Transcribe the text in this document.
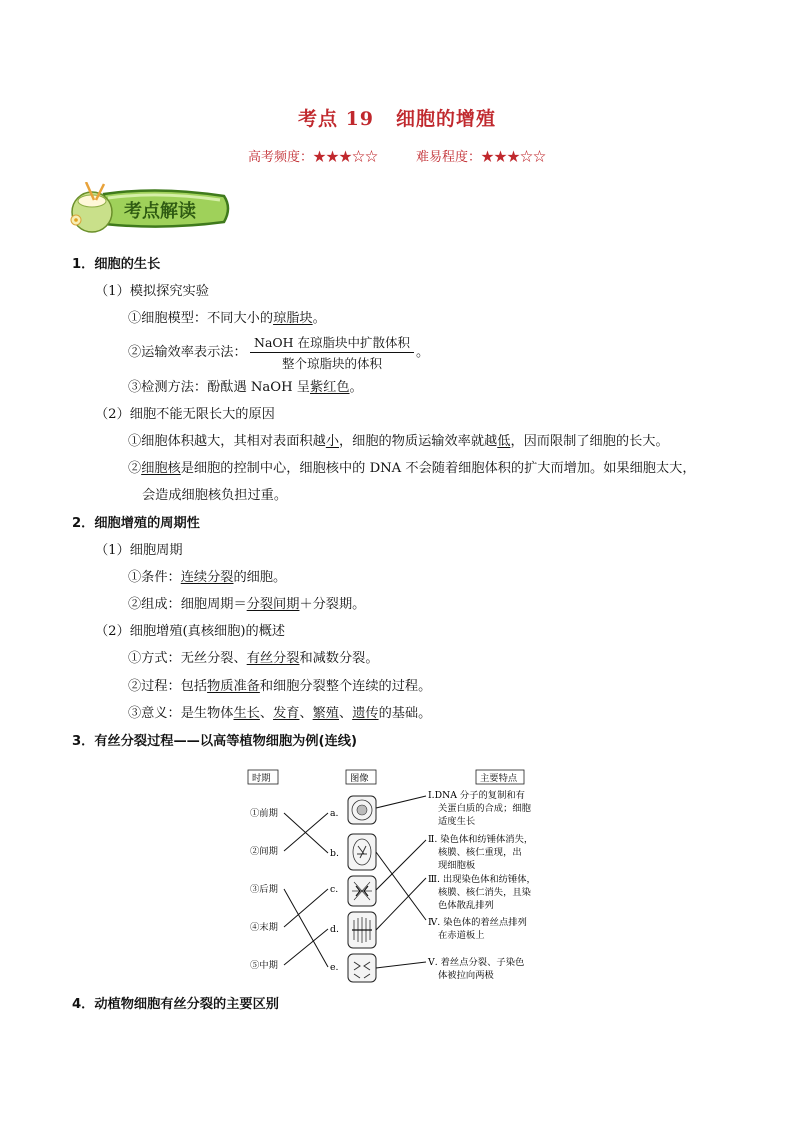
考点 19 细胞的增殖
高考频度：★★★☆☆	难易程度：★★★☆☆
考点解读
1．细胞的生长
（1）模拟探究实验
①细胞模型：不同大小的琼脂块。
②运输效率表示法：
NaOH 在琼脂块中扩散体积
整个琼脂块的体积
。
③检测方法：酚酞遇 NaOH 呈紫红色。
（2）细胞不能无限长大的原因
①细胞体积越大，其相对表面积越小，细胞的物质运输效率就越低，因而限制了细胞的长大。
②细胞核是细胞的控制中心，细胞核中的 DNA 不会随着细胞体积的扩大而增加。如果细胞太大，
会造成细胞核负担过重。
2．细胞增殖的周期性
（1）细胞周期
①条件：连续分裂的细胞。
②组成：细胞周期＝分裂间期＋分裂期。
（2）细胞增殖(真核细胞)的概述
①方式：无丝分裂、有丝分裂和减数分裂。
②过程：包括物质准备和细胞分裂整个连续的过程。
③意义：是生物体生长、发育、繁殖、遗传的基础。
3．有丝分裂过程——以高等植物细胞为例(连线)
时期	图像	主要特点
①前期
②间期
③后期
④末期
⑤中期
a.
b.
c.
d.
e.
Ⅰ.DNA 分子的复制和有
关蛋白质的合成；细胞
适度生长
Ⅱ. 染色体和纺锤体消失，
核膜、核仁重现，出
现细胞板
Ⅲ. 出现染色体和纺锤体，
核膜、核仁消失，且染
色体散乱排列
Ⅳ. 染色体的着丝点排列
在赤道板上
Ⅴ. 着丝点分裂、子染色
体被拉向两极
4．动植物细胞有丝分裂的主要区别
